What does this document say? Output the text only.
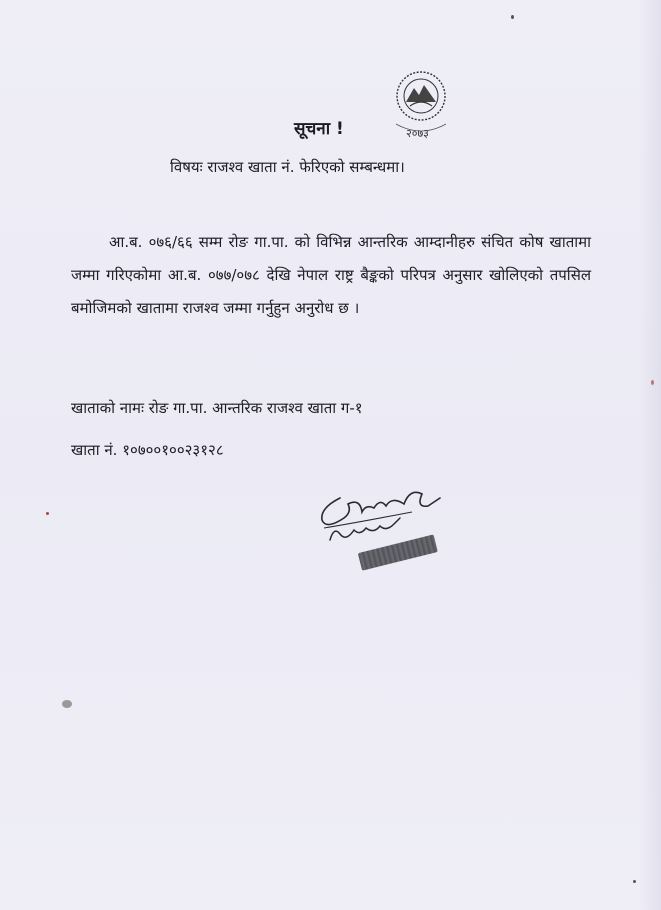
२०७३
सूचना !
विषयः राजश्व खाता नं. फेरिएको सम्बन्धमा।

आ.ब. ०७६/६६ सम्म रोङ गा.पा. को विभिन्न आन्तरिक आम्दानीहरु संचित कोष खातामा जम्मा गरिएकोमा आ.ब. ०७७/०७८ देखि नेपाल राष्ट्र बैङ्कको परिपत्र अनुसार खोलिएको तपसिल बमोजिमको खातामा राजश्व जम्मा गर्नुहुन अनुरोध छ ।

खाताको नामः रोङ गा.पा. आन्तरिक राजश्व खाता ग-१
खाता नं. १०७००१००२३१२८
